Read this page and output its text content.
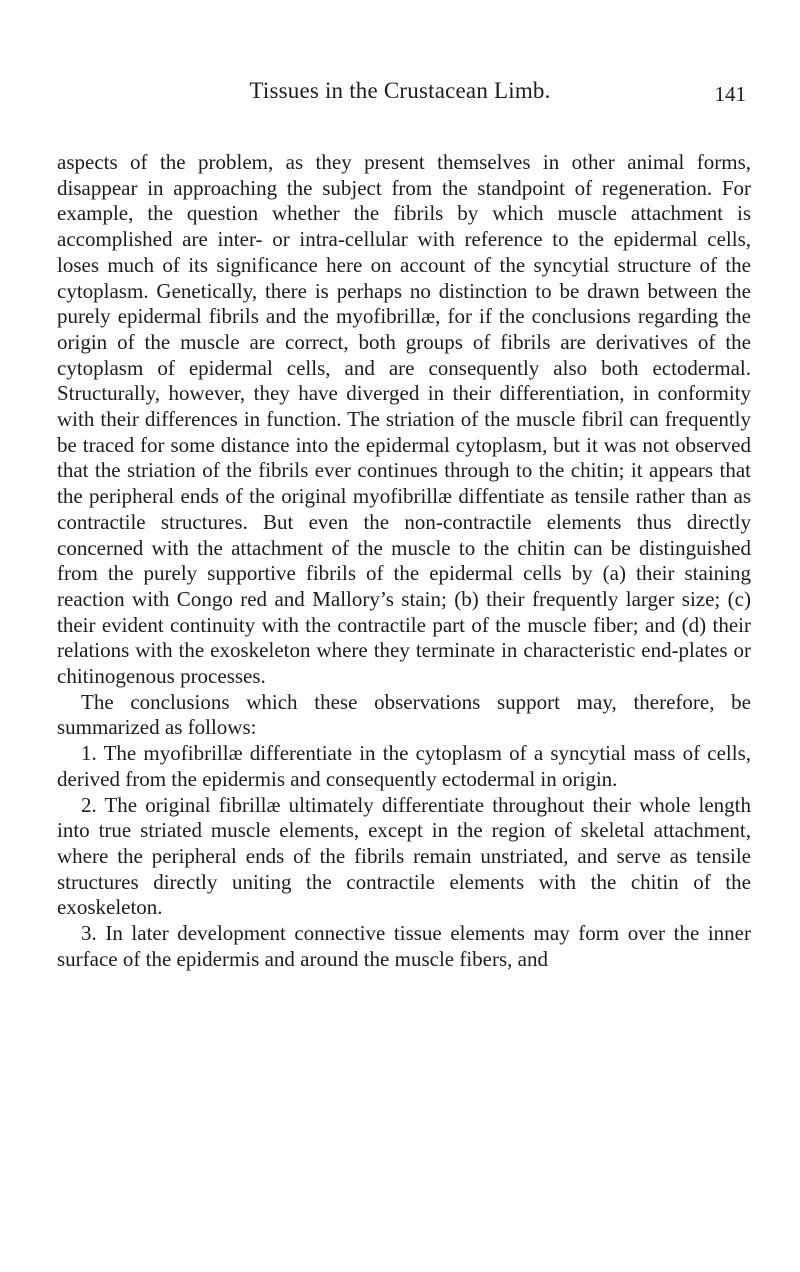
Tissues in the Crustacean Limb.	141

aspects of the problem, as they present themselves in other animal forms, disappear in approaching the subject from the standpoint of regeneration. For example, the question whether the fibrils by which muscle attachment is accomplished are inter- or intra-cellular with reference to the epidermal cells, loses much of its significance here on account of the syncytial structure of the cytoplasm. Genetically, there is perhaps no distinction to be drawn between the purely epidermal fibrils and the myofibrillæ, for if the conclusions regarding the origin of the muscle are correct, both groups of fibrils are derivatives of the cytoplasm of epidermal cells, and are consequently also both ectodermal. Structurally, however, they have diverged in their differentiation, in conformity with their differences in function. The striation of the muscle fibril can frequently be traced for some distance into the epidermal cytoplasm, but it was not observed that the striation of the fibrils ever continues through to the chitin; it appears that the peripheral ends of the original myofibrillæ diffentiate as tensile rather than as contractile structures. But even the non-contractile elements thus directly concerned with the attachment of the muscle to the chitin can be distinguished from the purely supportive fibrils of the epidermal cells by (a) their staining reaction with Congo red and Mallory’s stain; (b) their frequently larger size; (c) their evident continuity with the contractile part of the muscle fiber; and (d) their relations with the exoskeleton where they terminate in characteristic end-plates or chitinogenous processes.

The conclusions which these observations support may, therefore, be summarized as follows:

1. The myofibrillæ differentiate in the cytoplasm of a syncytial mass of cells, derived from the epidermis and consequently ectodermal in origin.

2. The original fibrillæ ultimately differentiate throughout their whole length into true striated muscle elements, except in the region of skeletal attachment, where the peripheral ends of the fibrils remain unstriated, and serve as tensile structures directly uniting the contractile elements with the chitin of the exoskeleton.

3. In later development connective tissue elements may form over the inner surface of the epidermis and around the muscle fibers, and
